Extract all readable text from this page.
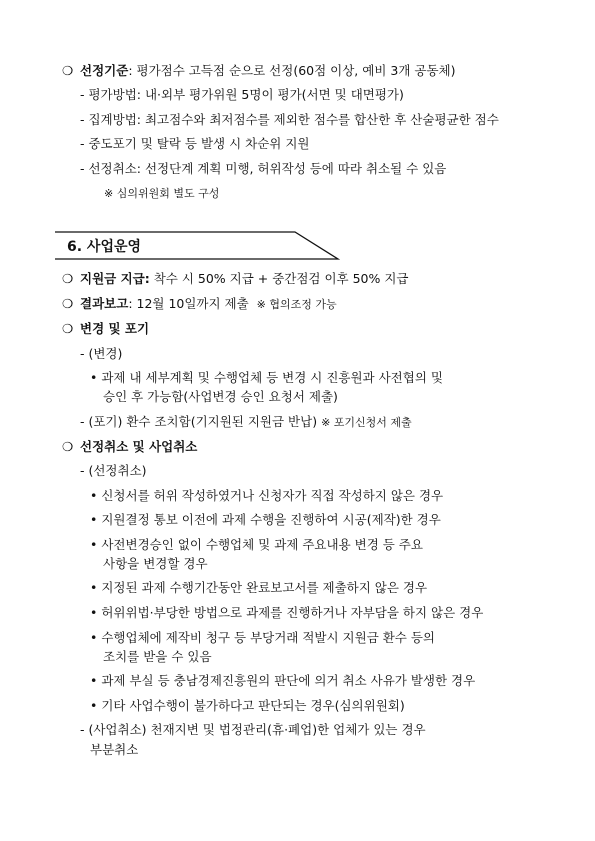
❍ 선정기준: 평가점수 고득점 순으로 선정(60점 이상, 예비 3개 공동체)
- 평가방법: 내·외부 평가위원 5명이 평가(서면 및 대면평가)
- 집계방법: 최고점수와 최저점수를 제외한 점수를 합산한 후 산술평균한 점수
- 중도포기 및 탈락 등 발생 시 차순위 지원
- 선정취소: 선정단계 계획 미행, 허위작성 등에 따라 취소될 수 있음
※ 심의위원회 별도 구성
6. 사업운영
❍ 지원금 지급: 착수 시 50% 지급 + 중간점검 이후 50% 지급
❍ 결과보고: 12월 10일까지 제출 ※ 협의조정 가능
❍ 변경 및 포기
- (변경)
• 과제 내 세부계획 및 수행업체 등 변경 시 진흥원과 사전협의 및
승인 후 가능함(사업변경 승인 요청서 제출)
- (포기) 환수 조치함(기지원된 지원금 반납) ※ 포기신청서 제출
❍ 선정취소 및 사업취소
- (선정취소)
• 신청서를 허위 작성하였거나 신청자가 직접 작성하지 않은 경우
• 지원결정 통보 이전에 과제 수행을 진행하여 시공(제작)한 경우
• 사전변경승인 없이 수행업체 및 과제 주요내용 변경 등 주요
사항을 변경할 경우
• 지정된 과제 수행기간동안 완료보고서를 제출하지 않은 경우
• 허위위법·부당한 방법으로 과제를 진행하거나 자부담을 하지 않은 경우
• 수행업체에 제작비 청구 등 부당거래 적발시 지원금 환수 등의
조치를 받을 수 있음
• 과제 부실 등 충남경제진흥원의 판단에 의거 취소 사유가 발생한 경우
• 기타 사업수행이 불가하다고 판단되는 경우(심의위원회)
- (사업취소) 천재지변 및 법정관리(휴·폐업)한 업체가 있는 경우
부분취소
